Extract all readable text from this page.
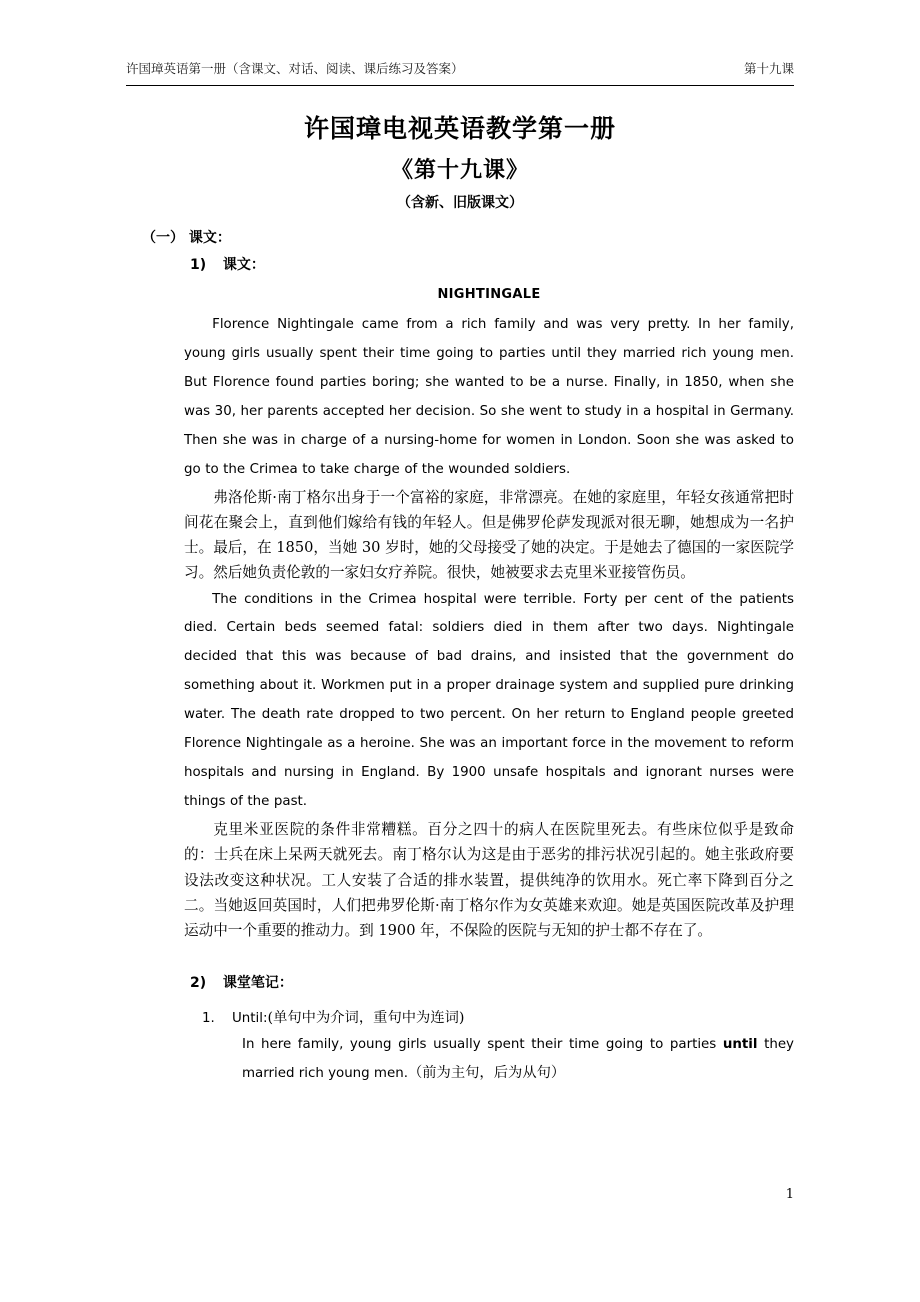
许国璋英语第一册（含课文、对话、阅读、课后练习及答案）	第十九课
许国璋电视英语教学第一册
《第十九课》
（含新、旧版课文）
（一） 课文：
1) 课文：
NIGHTINGALE

Florence Nightingale came from a rich family and was very pretty. In her family, young girls usually spent their time going to parties until they married rich young men. But Florence found parties boring; she wanted to be a nurse. Finally, in 1850, when she was 30, her parents accepted her decision. So she went to study in a hospital in Germany. Then she was in charge of a nursing-home for women in London. Soon she was asked to go to the Crimea to take charge of the wounded soldiers.

弗洛伦斯·南丁格尔出身于一个富裕的家庭，非常漂亮。在她的家庭里，年轻女孩通常把时间花在聚会上，直到他们嫁给有钱的年轻人。但是佛罗伦萨发现派对很无聊，她想成为一名护士。最后，在 1850，当她 30 岁时，她的父母接受了她的决定。于是她去了德国的一家医院学习。然后她负责伦敦的一家妇女疗养院。很快，她被要求去克里米亚接管伤员。

The conditions in the Crimea hospital were terrible. Forty per cent of the patients died. Certain beds seemed fatal: soldiers died in them after two days. Nightingale decided that this was because of bad drains, and insisted that the government do something about it. Workmen put in a proper drainage system and supplied pure drinking water. The death rate dropped to two percent. On her return to England people greeted Florence Nightingale as a heroine. She was an important force in the movement to reform hospitals and nursing in England. By 1900 unsafe hospitals and ignorant nurses were things of the past.

克里米亚医院的条件非常糟糕。百分之四十的病人在医院里死去。有些床位似乎是致命的：士兵在床上呆两天就死去。南丁格尔认为这是由于恶劣的排污状况引起的。她主张政府要设法改变这种状况。工人安装了合适的排水装置，提供纯净的饮用水。死亡率下降到百分之二。当她返回英国时，人们把弗罗伦斯·南丁格尔作为女英雄来欢迎。她是英国医院改革及护理运动中一个重要的推动力。到 1900 年，不保险的医院与无知的护士都不存在了。

2) 课堂笔记：

1. Until:(单句中为介词，重句中为连词)

In here family, young girls usually spent their time going to parties until they married rich young men.（前为主句，后为从句）

1
